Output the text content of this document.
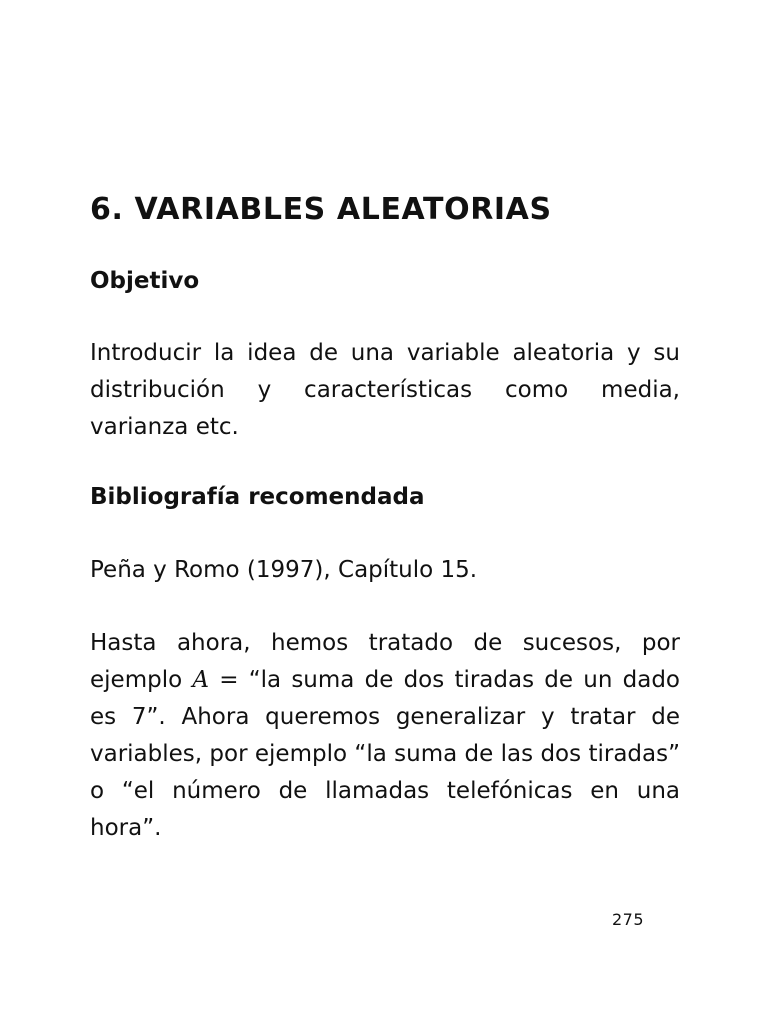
6. VARIABLES ALEATORIAS
Objetivo

Introducir la idea de una variable aleatoria y su distribución y características como media, varianza etc.

Bibliografía recomendada

Peña y Romo (1997), Capítulo 15.

Hasta ahora, hemos tratado de sucesos, por ejemplo A = “la suma de dos tiradas de un dado es 7”. Ahora queremos generalizar y tratar de variables, por ejemplo “la suma de las dos tiradas” o “el número de llamadas telefónicas en una hora”.

275
